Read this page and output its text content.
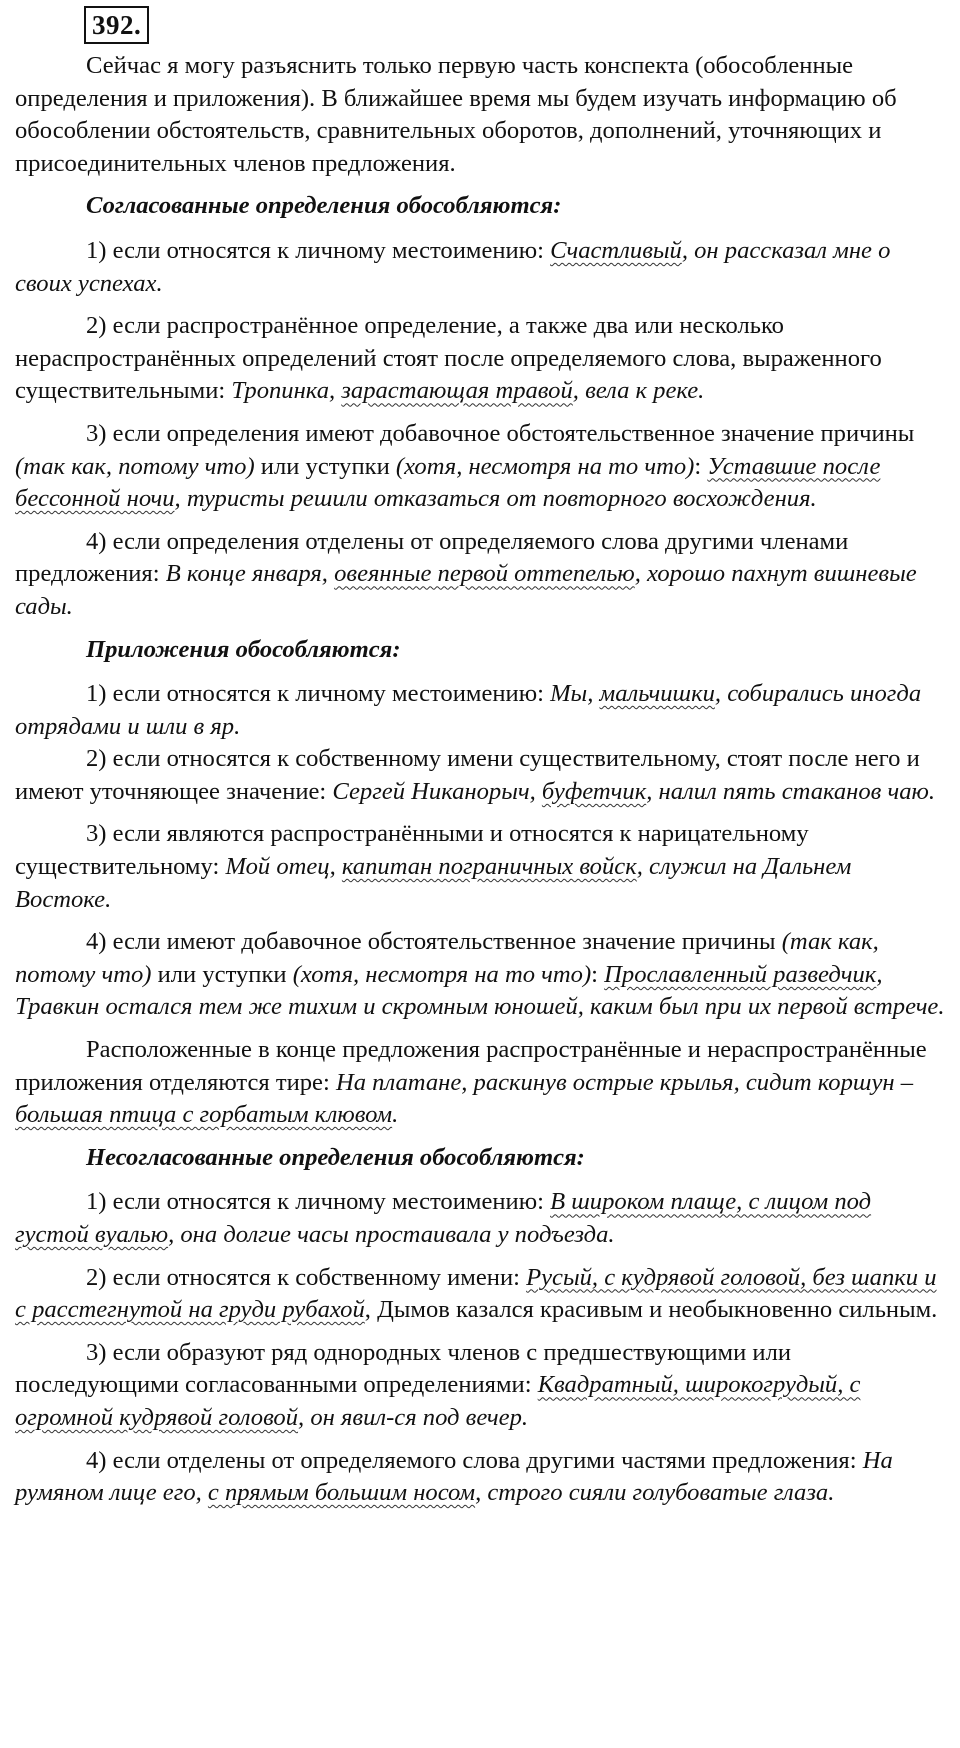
392.

Сейчас я могу разъяснить только первую часть конспекта (обособленные определения и приложения). В ближайшее время мы будем изучать информацию об обособлении обстоятельств, сравнительных оборотов, дополнений, уточняющих и присоединительных членов предложения.

Согласованные определения обособляются:

1) если относятся к личному местоимению: Счастливый, он рассказал мне о своих успехах.

2) если распространённое определение, а также два или несколько нераспространённых определений стоят после определяемого слова, выраженного существительными: Тропинка, зарастающая травой, вела к реке.

3) если определения имеют добавочное обстоятельственное значение причины (так как, потому что) или уступки (хотя, несмотря на то что): Уставшие после бессонной ночи, туристы решили отказаться от повторного восхождения.

4) если определения отделены от определяемого слова другими членами предложения: В конце января, овеянные первой оттепелью, хорошо пахнут вишневые сады.

Приложения обособляются:

1) если относятся к личному местоимению: Мы, мальчишки, собирались иногда отрядами и шли в яр.

2) если относятся к собственному имени существительному, стоят после него и имеют уточняющее значение: Сергей Никанорыч, буфетчик, налил пять стаканов чаю.

3) если являются распространёнными и относятся к нарицательному существительному: Мой отец, капитан пограничных войск, служил на Дальнем Востоке.

4) если имеют добавочное обстоятельственное значение причины (так как, потому что) или уступки (хотя, несмотря на то что): Прославленный разведчик, Травкин остался тем же тихим и скромным юношей, каким был при их первой встрече.

Расположенные в конце предложения распространённые и нераспространённые приложения отделяются тире: На платане, раскинув острые крылья, сидит коршун – большая птица с горбатым клювом.

Несогласованные определения обособляются:

1) если относятся к личному местоимению: В широком плаще, с лицом под густой вуалью, она долгие часы простаивала у подъезда.

2) если относятся к собственному имени: Русый, с кудрявой головой, без шапки и с расстегнутой на груди рубахой, Дымов казался красивым и необыкновенно сильным.

3) если образуют ряд однородных членов с предшествующими или последующими согласованными определениями: Квадратный, широкогрудый, с огромной кудрявой головой, он явил-ся под вечер.

4) если отделены от определяемого слова другими частями предложения: На румяном лице его, с прямым большим носом, строго сияли голубоватые глаза.
